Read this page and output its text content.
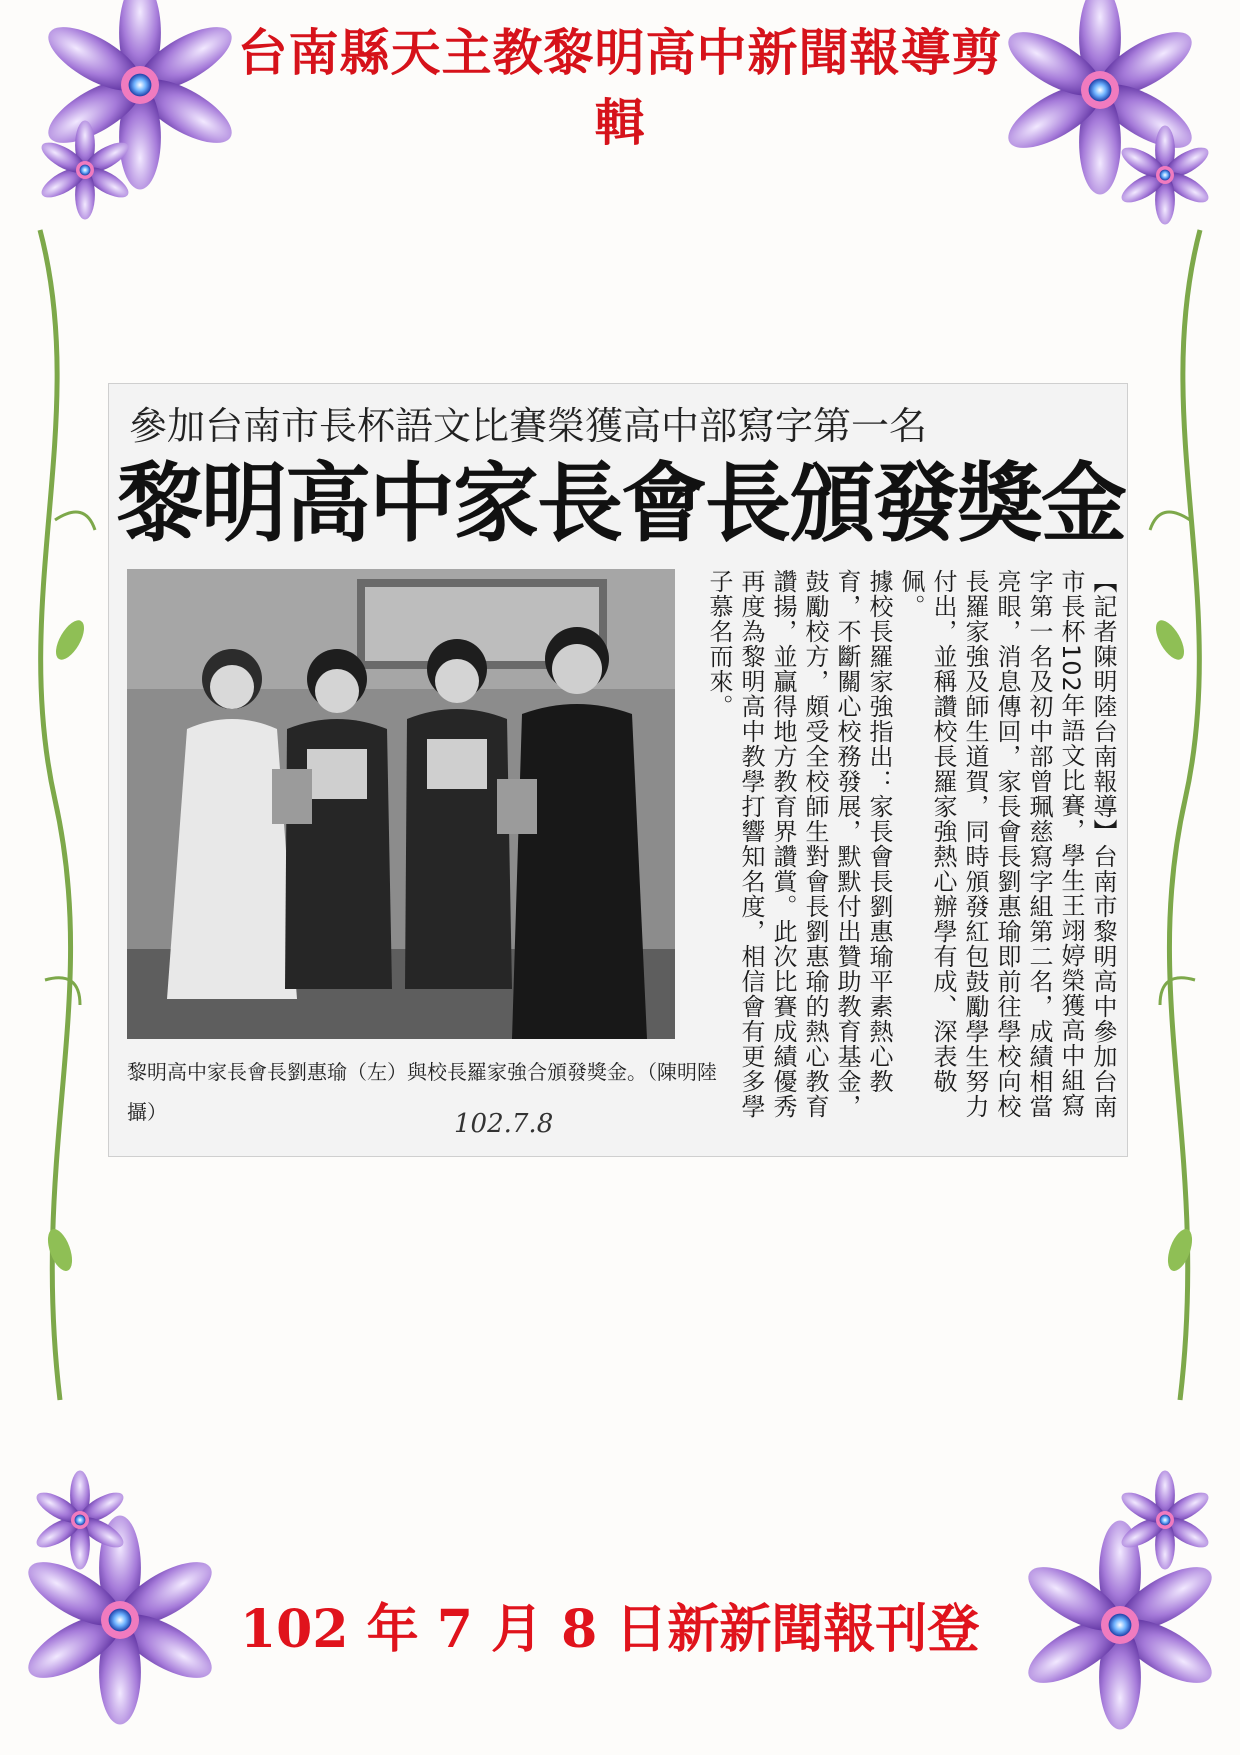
台南縣天主教黎明高中新聞報導剪輯
參加台南市長杯語文比賽榮獲高中部寫字第一名
黎明高中家長會長頒發獎金

【記者陳明陸台南報導】台南市黎明高中參加台南市長杯102年語文比賽，學生王翊婷榮獲高中組寫字第一名及初中部曾珮慈寫字組第二名，成績相當亮眼，消息傳回，家長會長劉惠瑜即前往學校向校長羅家強及師生道賀，同時頒發紅包鼓勵學生努力付出，並稱讚校長羅家強熱心辦學有成、深表敬佩。

據校長羅家強指出：家長會長劉惠瑜平素熱心教育，不斷關心校務發展，默默付出贊助教育基金，鼓勵校方，頗受全校師生對會長劉惠瑜的熱心教育讚揚，並贏得地方教育界讚賞。此次比賽成績優秀再度為黎明高中教學打響知名度，相信會有更多學子慕名而來。

黎明高中家長會長劉惠瑜（左）與校長羅家強合頒發獎金。（陳明陸攝）	102.7.8
102 年 7 月 8 日新新聞報刊登
